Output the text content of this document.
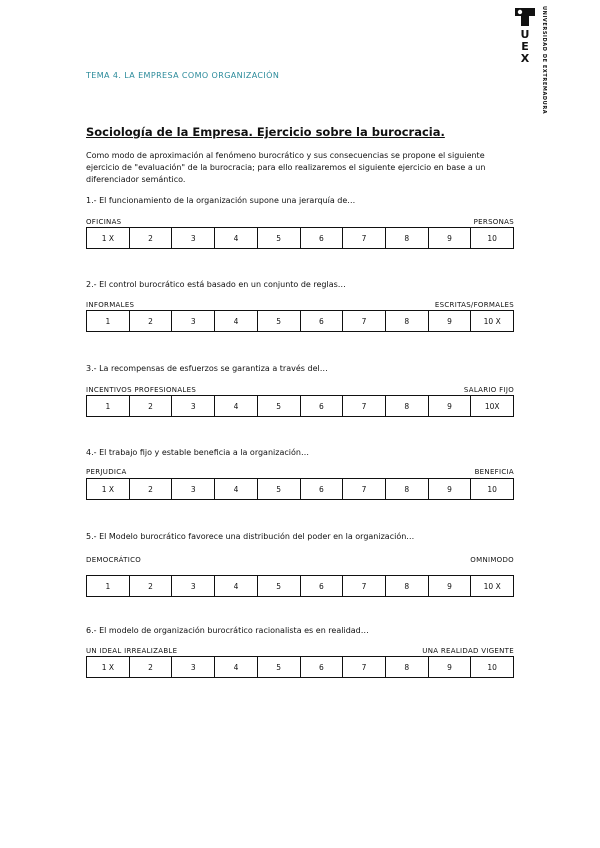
U
E
X UNIVERSIDAD DE EXTREMADURA
TEMA 4. LA EMPRESA COMO ORGANIZACIÓN
Sociología de la Empresa. Ejercicio sobre la burocracia.
Como modo de aproximación al fenómeno burocrático y sus consecuencias se propone el siguiente ejercicio de "evaluación" de la burocracia; para ello realizaremos el siguiente ejercicio en base a un diferenciador semántico.
1.- El funcionamiento de la organización supone una jerarquía de…
OFICINAS	PERSONAS
1 X	2	3	4	5	6	7	8	9	10
2.- El control burocrático está basado en un conjunto de reglas…
INFORMALES	ESCRITAS/FORMALES
1	2	3	4	5	6	7	8	9	10 X
3.- La recompensas de esfuerzos se garantiza a través del…
INCENTIVOS PROFESIONALES	SALARIO FIJO
1	2	3	4	5	6	7	8	9	10X
4.- El trabajo fijo y estable beneficia a la organización…
PERJUDICA	BENEFICIA
1 X	2	3	4	5	6	7	8	9	10
5.- El Modelo burocrático favorece una distribución del poder en la organización…
DEMOCRÁTICO	OMNIMODO
1	2	3	4	5	6	7	8	9	10 X
6.- El modelo de organización burocrático racionalista es en realidad…
UN IDEAL IRREALIZABLE	UNA REALIDAD VIGENTE
1 X	2	3	4	5	6	7	8	9	10
